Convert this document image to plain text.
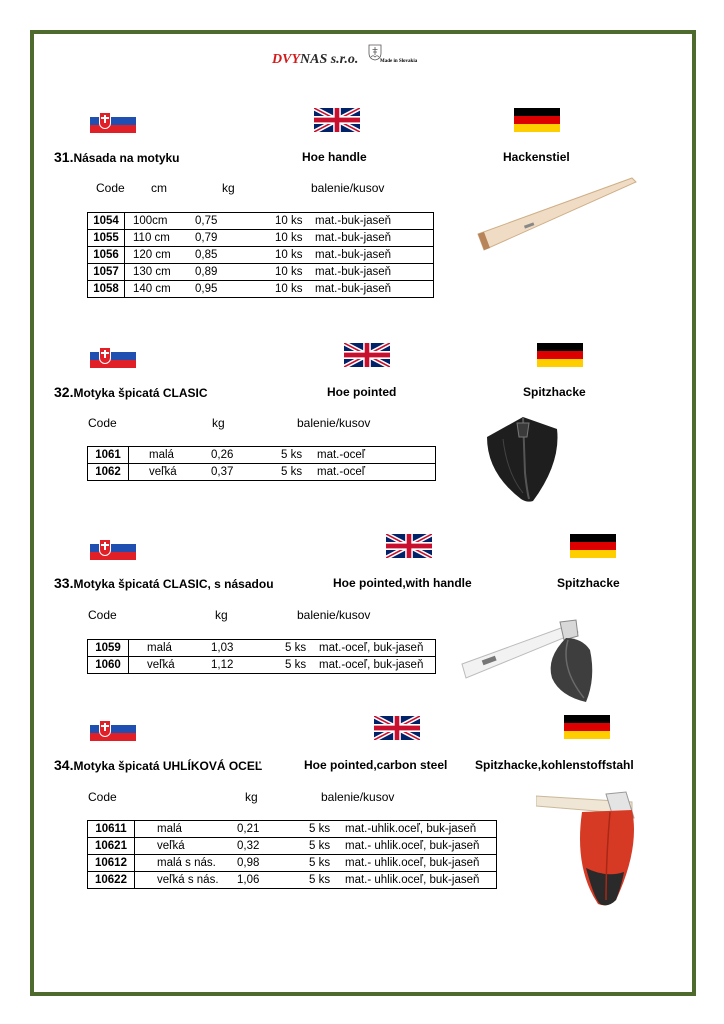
DVYNAS s.r.o.	Made in Slovakia
31.Násada na motyku	Hoe handle	Hackenstiel
Code cm	kg	balenie/kusov
1054	100cm 0,75 10 ks mat.-buk-jaseň
1055	110 cm 0,79 10 ks mat.-buk-jaseň
1056	120 cm 0,85 10 ks mat.-buk-jaseň
1057	130 cm 0,89 10 ks mat.-buk-jaseň
1058	140 cm 0,95 10 ks mat.-buk-jaseň
32.Motyka špicatá CLASIC	Hoe pointed	Spitzhacke
Code	kg	balenie/kusov
1061	malá 0,26 5 ks mat.-oceľ
1062	veľká 0,37 5 ks mat.-oceľ
33.Motyka špicatá CLASIC, s násadou	Hoe pointed,with handle	Spitzhacke
Code	kg	balenie/kusov
1059	malá 1,03 5 ks mat.-oceľ, buk-jaseň
1060	veľká 1,12 5 ks mat.-oceľ, buk-jaseň
34.Motyka špicatá UHLÍKOVÁ OCEĽ	Hoe pointed,carbon steel Spitzhacke,kohlenstoffstahl
Code	kg	balenie/kusov
10611	malá 0,21 5 ks mat.-uhlik.oceľ, buk-jaseň
10621	veľká 0,32 5 ks mat.- uhlik.oceľ, buk-jaseň
10612	malá s nás. 0,98 5 ks mat.- uhlik.oceľ, buk-jaseň
10622	veľká s nás. 1,06 5 ks mat.- uhlik.oceľ, buk-jaseň
